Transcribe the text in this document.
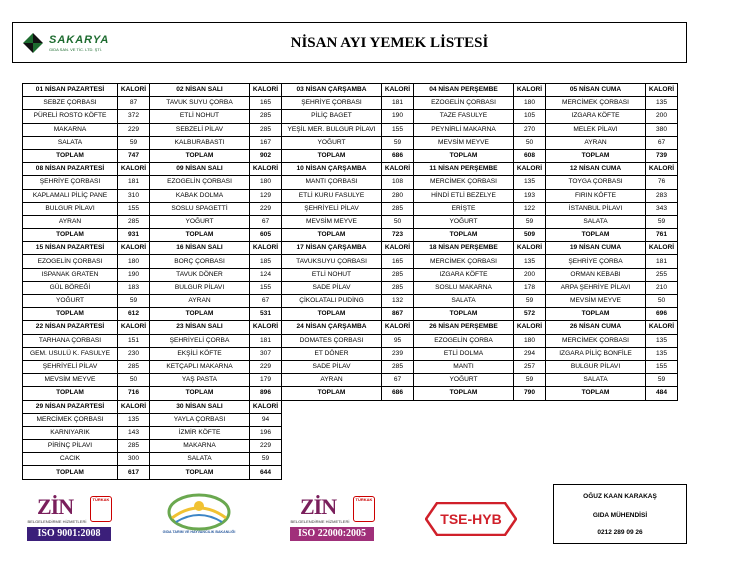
SAKARYA
GIDA SAN. VE TİC. LTD. ŞTİ.	NİSAN AYI YEMEK LİSTESİ
01 NİSAN PAZARTESİ	KALORİ	02 NİSAN SALI	KALORİ	03 NİSAN ÇARŞAMBA	KALORİ	04 NİSAN PERŞEMBE	KALORİ	05 NİSAN CUMA	KALORİ
SEBZE ÇORBASI	87	TAVUK SUYU ÇORBA	165	ŞEHRİYE ÇORBASI	181	EZOGELİN ÇORBASI	180	MERCİMEK ÇORBASI	135
PÜRELİ ROSTO KÖFTE	372	ETLİ NOHUT	285	PİLİÇ BAGET	190	TAZE FASULYE	105	IZGARA KÖFTE	200
MAKARNA	229	SEBZELİ PİLAV	285	YEŞİL MER. BULGUR PİLAVI	155	PEYNİRLİ MAKARNA	270	MELEK PİLAVI	380
SALATA	59	KALBURABASTI	167	YOĞURT	59	MEVSİM MEYVE	50	AYRAN	67
TOPLAM	747	TOPLAM	902	TOPLAM	686	TOPLAM	608	TOPLAM	739
08 NİSAN PAZARTESİ	KALORİ	09 NİSAN SALI	KALORİ	10 NİSAN ÇARŞAMBA	KALORİ	11 NİSAN PERŞEMBE	KALORİ	12 NİSAN CUMA	KALORİ
ŞEHRİYE ÇORBASI	181	EZOGELİN ÇORBASI	180	MANTI ÇORBASI	108	MERCİMEK ÇORBASI	135	TOYGA ÇORBASI	76
KAPLAMALI PİLİÇ PANE	310	KABAK DOLMA	129	ETLİ KURU FASULYE	280	HİNDİ ETLİ BEZELYE	193	FIRIN KÖFTE	283
BULGUR PİLAVI	155	SOSLU SPAGETTİ	229	ŞEHRİYELİ PİLAV	285	ERİŞTE	122	İSTANBUL PİLAVI	343
AYRAN	285	YOĞURT	67	MEVSİM MEYVE	50	YOĞURT	59	SALATA	59
TOPLAM	931	TOPLAM	605	TOPLAM	723	TOPLAM	509	TOPLAM	761
15 NİSAN PAZARTESİ	KALORİ	16 NİSAN SALI	KALORİ	17 NİSAN ÇARŞAMBA	KALORİ	18 NİSAN PERŞEMBE	KALORİ	19 NİSAN CUMA	KALORİ
EZOGELİN ÇORBASI	180	BORÇ ÇORBASI	185	TAVUKSUYU ÇORBASI	165	MERCİMEK ÇORBASI	135	ŞEHRİYE ÇORBA	181
ISPANAK GRATEN	190	TAVUK DÖNER	124	ETLİ NOHUT	285	IZGARA KÖFTE	200	ORMAN KEBABI	255
GÜL BÖREĞİ	183	BULGUR PİLAVI	155	SADE PİLAV	285	SOSLU MAKARNA	178	ARPA ŞEHRİYE PİLAVI	210
YOĞURT	59	AYRAN	67	ÇİKOLATALI PUDİNG	132	SALATA	59	MEVSİM MEYVE	50
TOPLAM	612	TOPLAM	531	TOPLAM	867	TOPLAM	572	TOPLAM	696
22 NİSAN PAZARTESİ	KALORİ	23 NİSAN SALI	KALORİ	24 NİSAN ÇARŞAMBA	KALORİ	26 NİSAN PERŞEMBE	KALORİ	26 NİSAN CUMA	KALORİ
TARHANA ÇORBASI	151	ŞEHRİYELİ ÇORBA	181	DOMATES ÇORBASI	95	EZOGELİN ÇORBA	180	MERCİMEK ÇORBASI	135
GEM. USULÜ K. FASULYE	230	EKŞİLİ KÖFTE	307	ET DÖNER	239	ETLİ DOLMA	294	IZGARA PİLİÇ BONFİLE	135
ŞEHRİYELİ PİLAV	285	KETÇAPLI MAKARNA	229	SADE PİLAV	285	MANTI	257	BULGUR PİLAVI	155
MEVSİM MEYVE	50	YAŞ PASTA	179	AYRAN	67	YOĞURT	59	SALATA	59
TOPLAM	716	TOPLAM	896	TOPLAM	686	TOPLAM	790	TOPLAM	484
29 NİSAN PAZARTESİ	KALORİ	30 NİSAN SALI	KALORİ						
MERCİMEK ÇORBASI	135	YAYLA ÇORBASI	94						
KARNIYARIK	143	İZMİR KÖFTE	196						
PİRİNÇ PİLAVI	285	MAKARNA	229						
CACIK	300	SALATA	59						
TOPLAM	617	TOPLAM	644						
ZİN
BELGELENDİRME HİZMETLERİ
TÜRKAK
ISO 9001:2008	GIDA TARIM VE HAYVANCILIK BAKANLIĞI
ZİN
BELGELENDİRME HİZMETLERİ
TÜRKAK
ISO 22000:2005
TSE-HYB
OĞUZ KAAN KARAKAŞ
GIDA MÜHENDİSİ
0212 289 09 26
